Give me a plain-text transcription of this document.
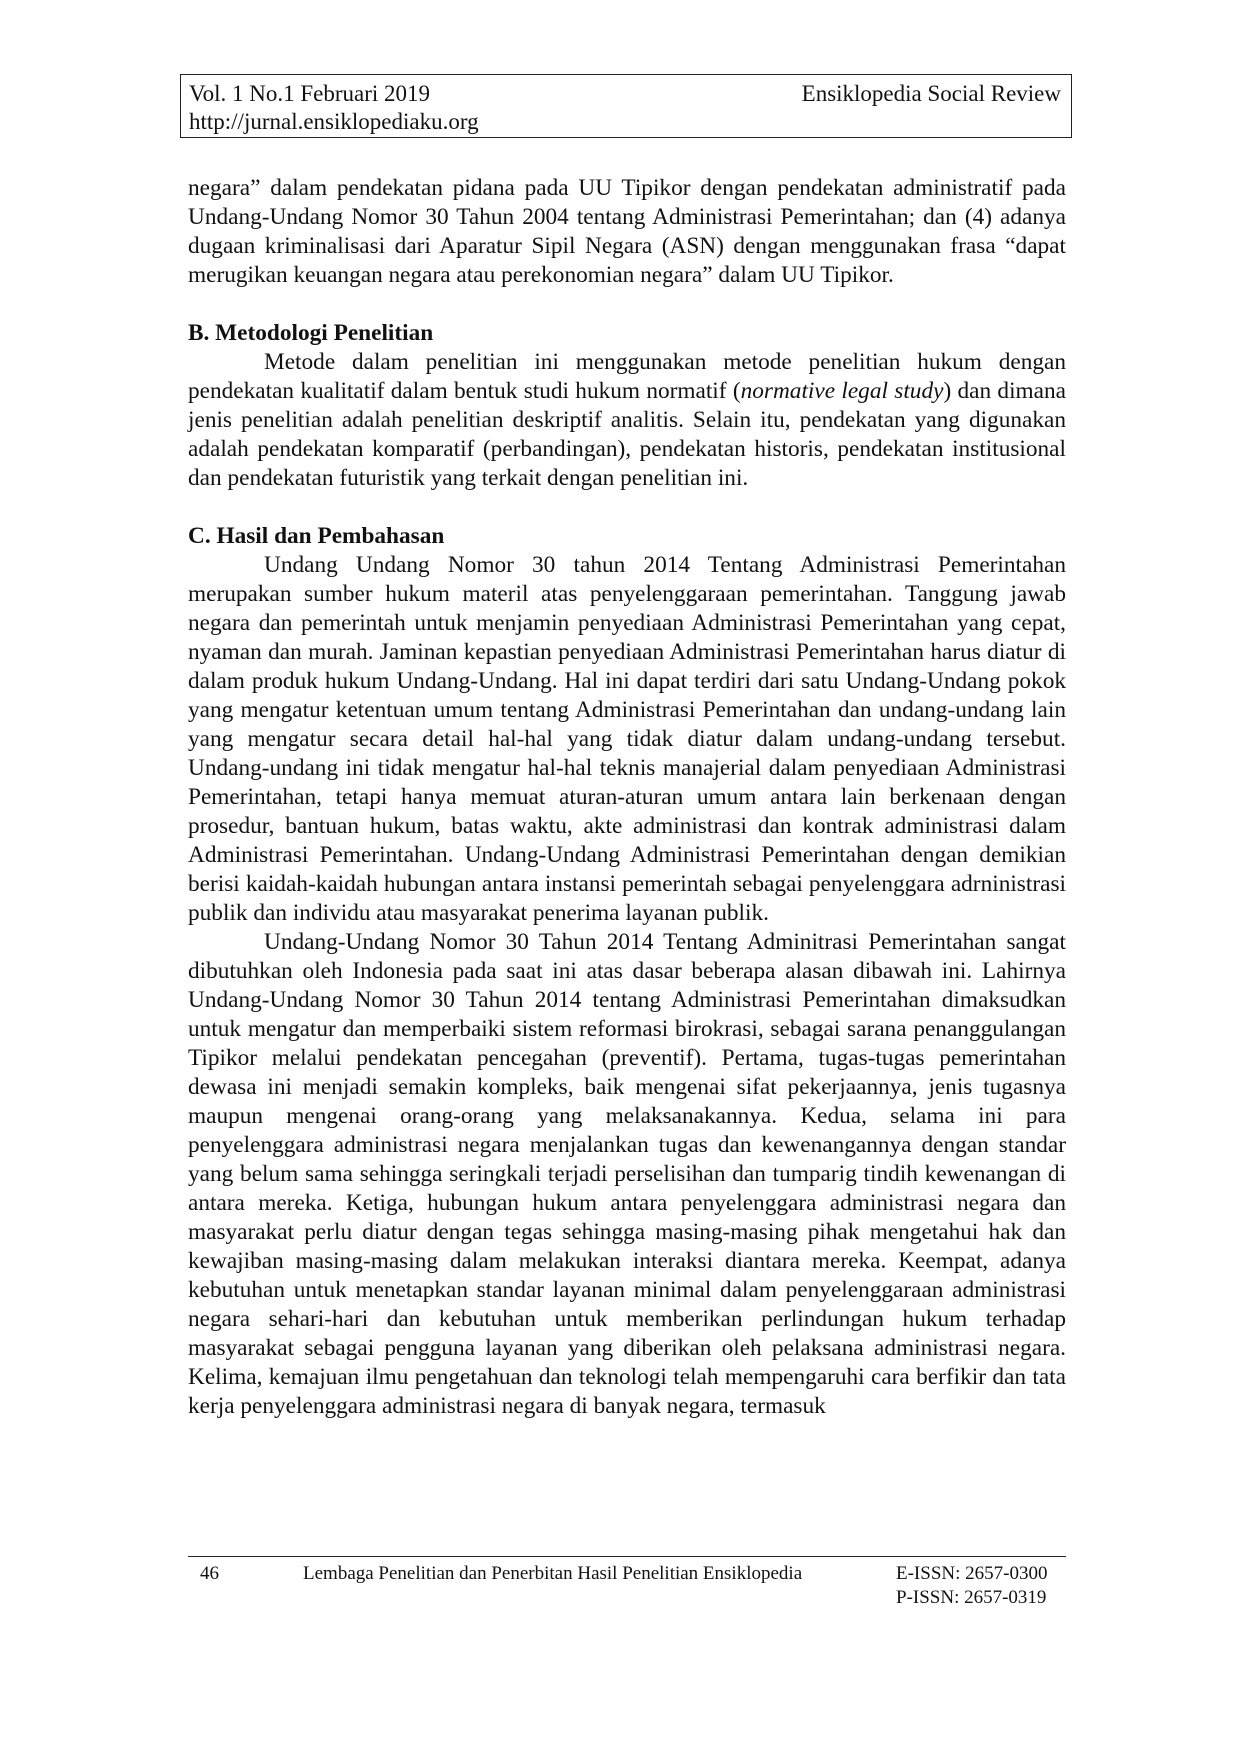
Vol. 1 No.1 Februari 2019	Ensiklopedia Social Review
http://jurnal.ensiklopediaku.org

negara” dalam pendekatan pidana pada UU Tipikor dengan pendekatan administratif pada Undang-Undang Nomor 30 Tahun 2004 tentang Administrasi Pemerintahan; dan (4) adanya dugaan kriminalisasi dari Aparatur Sipil Negara (ASN) dengan menggunakan frasa “dapat merugikan keuangan negara atau perekonomian negara” dalam UU Tipikor.

B. Metodologi Penelitian

Metode dalam penelitian ini menggunakan metode penelitian hukum dengan pendekatan kualitatif dalam bentuk studi hukum normatif (normative legal study) dan dimana jenis penelitian adalah penelitian deskriptif analitis. Selain itu, pendekatan yang digunakan adalah pendekatan komparatif (perbandingan), pendekatan historis, pendekatan institusional dan pendekatan futuristik yang terkait dengan penelitian ini.

C. Hasil dan Pembahasan

Undang Undang Nomor 30 tahun 2014 Tentang Administrasi Pemerintahan merupakan sumber hukum materil atas penyelenggaraan pemerintahan. Tanggung jawab negara dan pemerintah untuk menjamin penyediaan Administrasi Pemerintahan yang cepat, nyaman dan murah. Jaminan kepastian penyediaan Administrasi Pemerintahan harus diatur di dalam produk hukum Undang-Undang. Hal ini dapat terdiri dari satu Undang-Undang pokok yang mengatur ketentuan umum tentang Administrasi Pemerintahan dan undang-undang lain yang mengatur secara detail hal-hal yang tidak diatur dalam undang-undang tersebut. Undang-undang ini tidak mengatur hal-hal teknis manajerial dalam penyediaan Administrasi Pemerintahan, tetapi hanya memuat aturan-aturan umum antara lain berkenaan dengan prosedur, bantuan hukum, batas waktu, akte administrasi dan kontrak administrasi dalam Administrasi Pemerintahan. Undang-Undang Administrasi Pemerintahan dengan demikian berisi kaidah-kaidah hubungan antara instansi pemerintah sebagai penyelenggara adrninistrasi publik dan individu atau masyarakat penerima layanan publik.

Undang-Undang Nomor 30 Tahun 2014 Tentang Adminitrasi Pemerintahan sangat dibutuhkan oleh Indonesia pada saat ini atas dasar beberapa alasan dibawah ini. Lahirnya Undang-Undang Nomor 30 Tahun 2014 tentang Administrasi Pemerintahan dimaksudkan untuk mengatur dan memperbaiki sistem reformasi birokrasi, sebagai sarana penanggulangan Tipikor melalui pendekatan pencegahan (preventif). Pertama, tugas-tugas pemerintahan dewasa ini menjadi semakin kompleks, baik mengenai sifat pekerjaannya, jenis tugasnya maupun mengenai orang-orang yang melaksanakannya. Kedua, selama ini para penyelenggara administrasi negara menjalankan tugas dan kewenangannya dengan standar yang belum sama sehingga seringkali terjadi perselisihan dan tumparig tindih kewenangan di antara mereka. Ketiga, hubungan hukum antara penyelenggara administrasi negara dan masyarakat perlu diatur dengan tegas sehingga masing-masing pihak mengetahui hak dan kewajiban masing-masing dalam melakukan interaksi diantara mereka. Keempat, adanya kebutuhan untuk menetapkan standar layanan minimal dalam penyelenggaraan administrasi negara sehari-hari dan kebutuhan untuk memberikan perlindungan hukum terhadap masyarakat sebagai pengguna layanan yang diberikan oleh pelaksana administrasi negara. Kelima, kemajuan ilmu pengetahuan dan teknologi telah mempengaruhi cara berfikir dan tata kerja penyelenggara administrasi negara di banyak negara, termasuk

46	Lembaga Penelitian dan Penerbitan Hasil Penelitian Ensiklopedia	E-ISSN: 2657-0300
P-ISSN: 2657-0319
